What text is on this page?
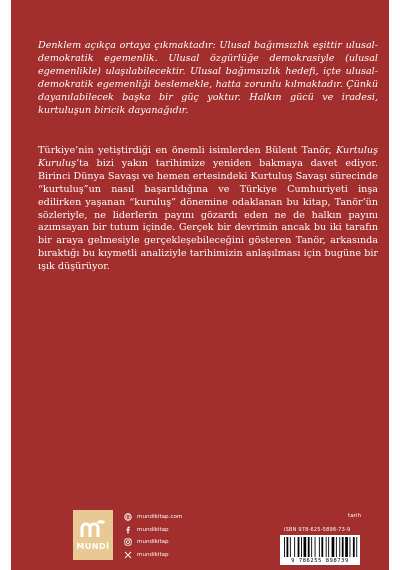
Denklem açıkça ortaya çıkmaktadır: Ulusal bağımsızlık eşittir ulusal-demokratik egemenlik. Ulusal özgürlüğe demokrasiyle (ulusal egemenlikle) ulaşılabilecektir. Ulusal bağımsızlık hedefi, içte ulusal-demokratik egemenliği beslemekle, hatta zorunlu kılmaktadır. Çünkü dayanılabilecek başka bir güç yoktur. Halkın gücü ve iradesi, kurtuluşun biricik dayanağıdır.

Türkiye’nin yetiştirdiği en önemli isimlerden Bülent Tanör, Kurtuluş Kuruluş’ta bizi yakın tarihimize yeniden bakmaya davet ediyor. Birinci Dünya Savaşı ve hemen ertesindeki Kurtuluş Savaşı sürecinde “kurtuluş”un nasıl başarıldığına ve Türkiye Cumhuriyeti inşa edilirken yaşanan “kuruluş” dönemine odaklanan bu kitap, Tanör’ün sözleriyle, ne liderlerin payını gözardı eden ne de halkın payını azımsayan bir tutum içinde. Gerçek bir devrimin ancak bu iki tarafın bir araya gelmesiyle gerçekleşebileceğini gösteren Tanör, arkasında bıraktığı bu kıymetli analiziyle tarihimizin anlaşılması için bugüne bir ışık düşürüyor.

MUNDİ
mundikitap.com
mundikitap
mundikitap
mundikitap
tarih
ISBN 978-625-5898-73-9
9 786255 898739
